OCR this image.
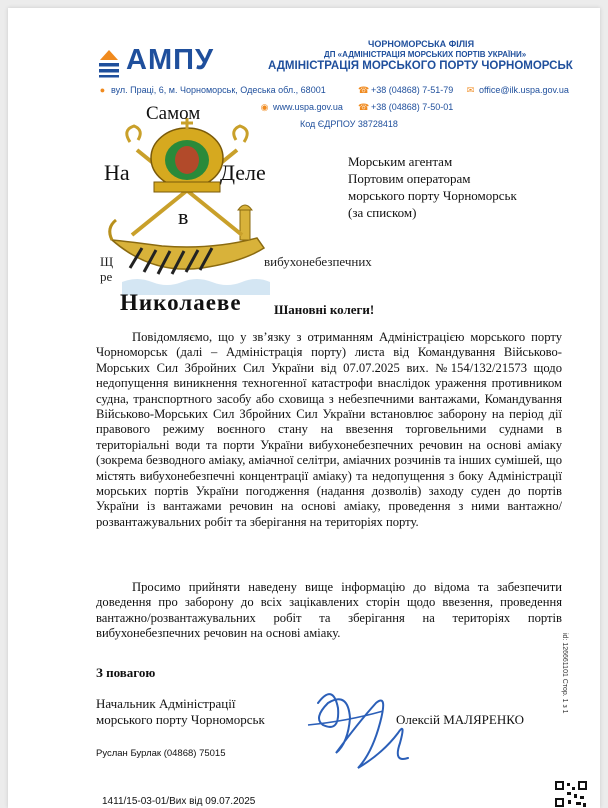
АМПУ	ЧОРНОМОРСЬКА ФІЛІЯ
ДП «АДМІНІСТРАЦІЯ МОРСЬКИХ ПОРТІВ УКРАЇНИ»
АДМІНІСТРАЦІЯ МОРСЬКОГО ПОРТУ ЧОРНОМОРСЬК
● вул. Праці, 6, м. Чорноморськ, Одеська обл., 68001	☎ +38 (04868) 7-51-79 ✉ office@ilk.uspa.gov.ua
◉ www.uspa.gov.ua ☎ +38 (04868) 7-50-01
Код ЄДРПОУ 38728418
Самом
На	Деле
в
Николаеве
Морським агентам
Портовим операторам
морського порту Чорноморськ
(за списком)
Щ	вибухонебезпечних
ре
Шановні колеги!

Повідомляємо, що у зв’язку з отриманням Адміністрацією морського порту Чорноморськ (далі – Адміністрація порту) листа від Командування Військово-Морських Сил Збройних Сил України від 07.07.2025 вих. №154/132/21573 щодо недопущення виникнення техногенної катастрофи внаслідок ураження противником судна, транспортного засобу або сховища з небезпечними вантажами, Командування Військово-Морських Сил Збройних Сил України встановлює заборону на період дії правового режиму воєнного стану на ввезення торговельними суднами в територіальні води та порти України вибухонебезпечних речовин на основі аміаку (зокрема безводного аміаку, аміачної селітри, аміачних розчинів та інших сумішей, що містять вибухонебезпечні концентрації аміаку) та недопущення з боку Адміністрації морських портів України погодження (надання дозволів) заходу суден до портів України із вантажами речовин на основі аміаку, проведення з ними вантажно/розвантажувальних робіт та зберігання на територіях порту.

Просимо прийняти наведену вище інформацію до відома та забезпечити доведення про заборону до всіх зацікавлених сторін щодо ввезення, проведення вантажно/розвантажувальних робіт та зберігання на територіях портів вибухонебезпечних речовин на основі аміаку.

З повагою
Начальник Адміністрації
морського порту Чорноморськ	Олексій МАЛЯРЕНКО
Руслан Бурлак (04868) 75015
1411/15-03-01/Вих від 09.07.2025
id: 126661101 Стор. 1 з 1
